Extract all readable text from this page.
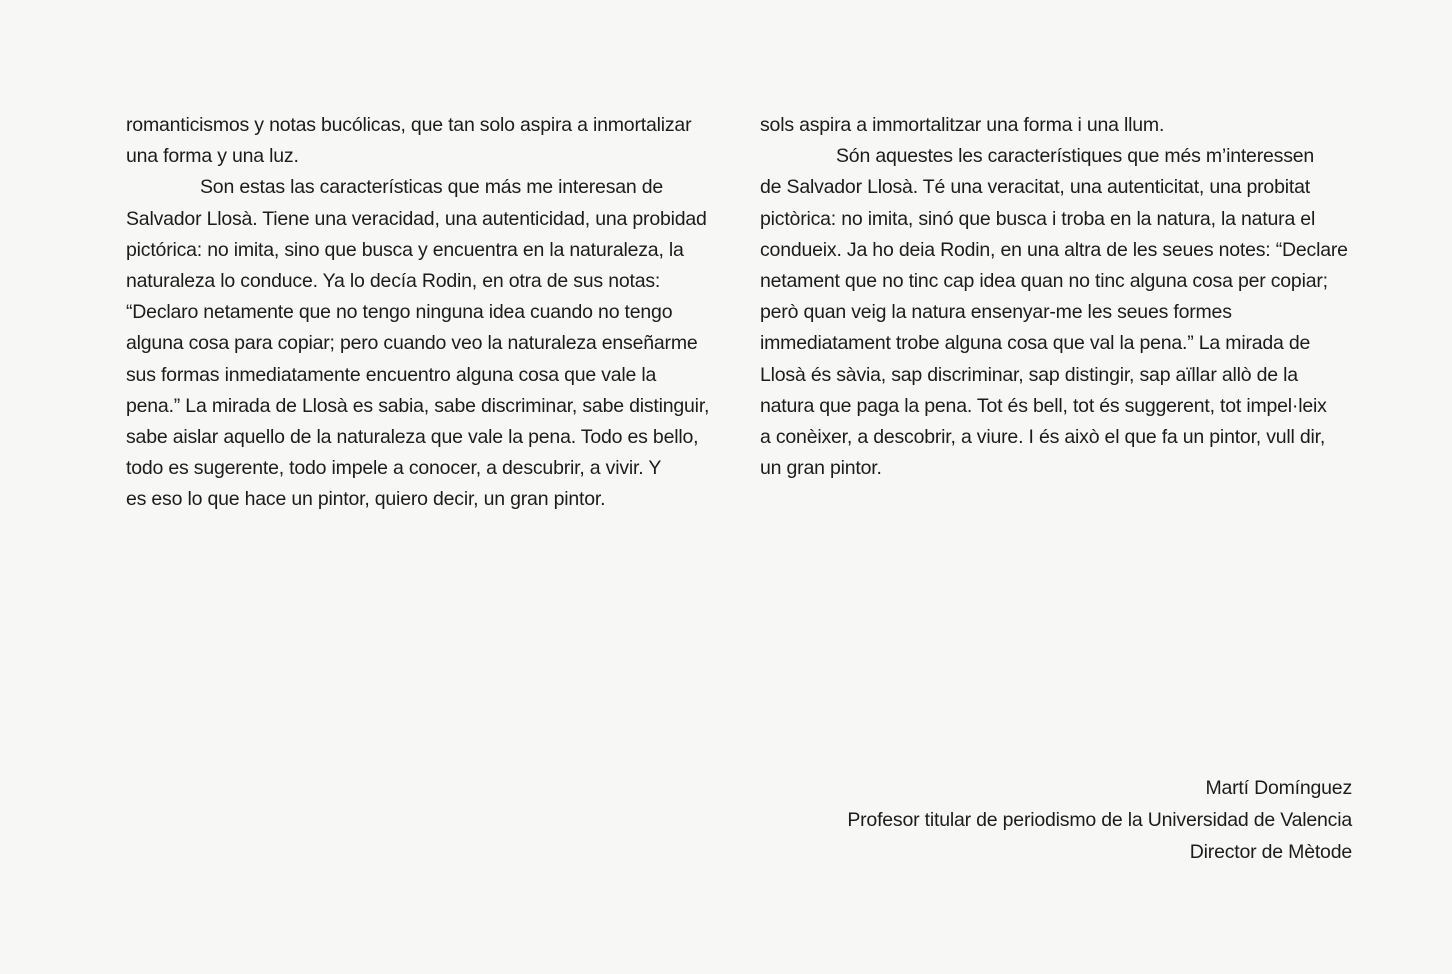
romanticismos y notas bucólicas, que tan solo aspira a inmortalizar
una forma y una luz.
Son estas las características que más me interesan de
Salvador Llosà. Tiene una veracidad, una autenticidad, una probidad
pictórica: no imita, sino que busca y encuentra en la naturaleza, la
naturaleza lo conduce. Ya lo decía Rodin, en otra de sus notas:
“Declaro netamente que no tengo ninguna idea cuando no tengo
alguna cosa para copiar; pero cuando veo la naturaleza enseñarme
sus formas inmediatamente encuentro alguna cosa que vale la
pena.” La mirada de Llosà es sabia, sabe discriminar, sabe distinguir,
sabe aislar aquello de la naturaleza que vale la pena. Todo es bello,
todo es sugerente, todo impele a conocer, a descubrir, a vivir. Y
es eso lo que hace un pintor, quiero decir, un gran pintor.
sols aspira a immortalitzar una forma i una llum.
Són aquestes les característiques que més m’interessen
de Salvador Llosà. Té una veracitat, una autenticitat, una probitat
pictòrica: no imita, sinó que busca i troba en la natura, la natura el
condueix. Ja ho deia Rodin, en una altra de les seues notes: “Declare
netament que no tinc cap idea quan no tinc alguna cosa per copiar;
però quan veig la natura ensenyar-me les seues formes
immediatament trobe alguna cosa que val la pena.” La mirada de
Llosà és sàvia, sap discriminar, sap distingir, sap aïllar allò de la
natura que paga la pena. Tot és bell, tot és suggerent, tot impel·leix
a conèixer, a descobrir, a viure. I és això el que fa un pintor, vull dir,
un gran pintor.
Martí Domínguez
Profesor titular de periodismo de la Universidad de Valencia
Director de Mètode
